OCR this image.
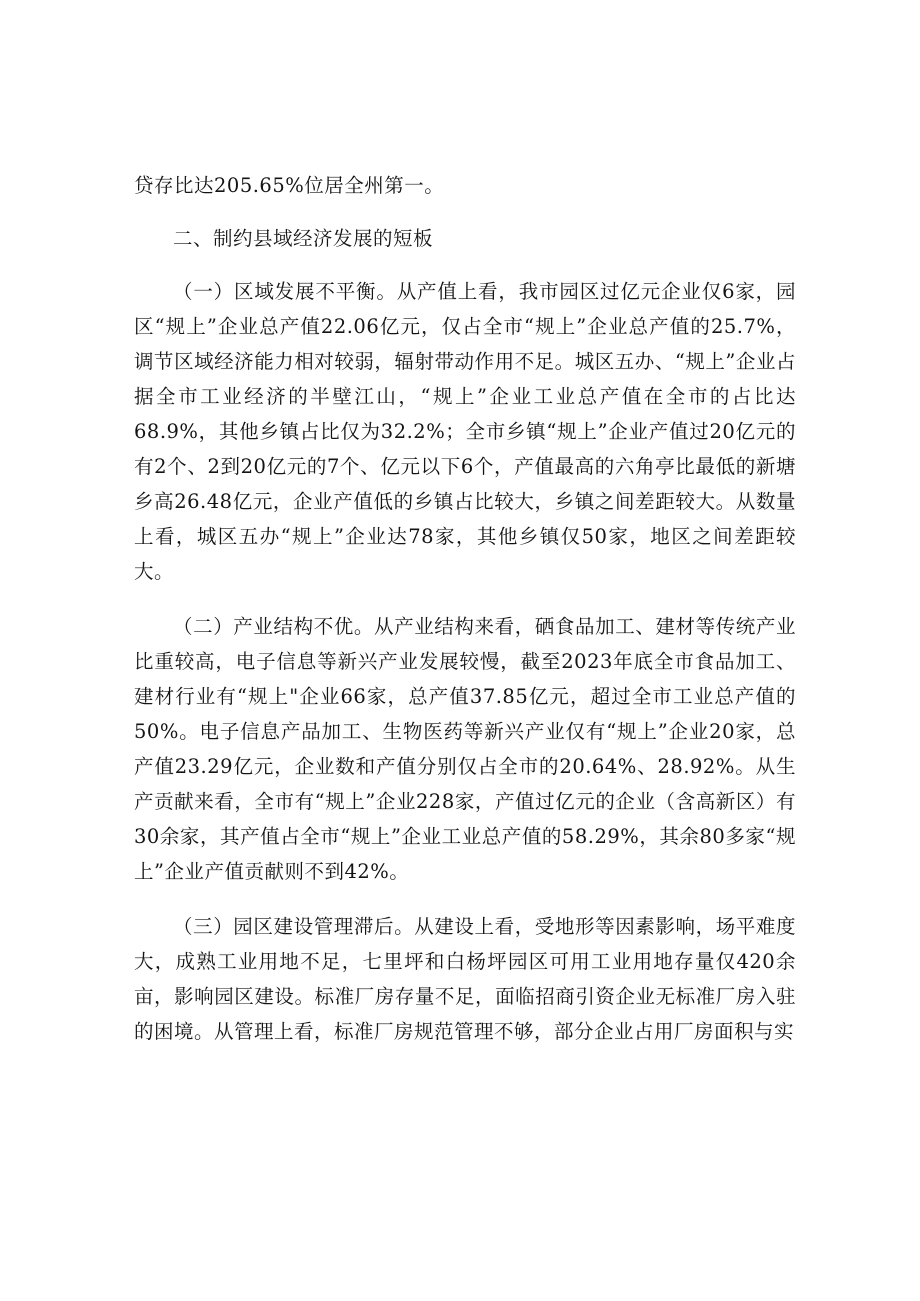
贷存比达205.65%位居全州第一。

二、制约县域经济发展的短板

（一）区域发展不平衡。从产值上看，我市园区过亿元企业仅6家，园区“规上”企业总产值22.06亿元，仅占全市“规上”企业总产值的25.7%，调节区域经济能力相对较弱，辐射带动作用不足。城区五办、“规上”企业占据全市工业经济的半壁江山，“规上”企业工业总产值在全市的占比达68.9%，其他乡镇占比仅为32.2%；全市乡镇“规上”企业产值过20亿元的有2个、2到20亿元的7个、亿元以下6个，产值最高的六角亭比最低的新塘乡高26.48亿元，企业产值低的乡镇占比较大，乡镇之间差距较大。从数量上看，城区五办“规上”企业达78家，其他乡镇仅50家，地区之间差距较大。

（二）产业结构不优。从产业结构来看，硒食品加工、建材等传统产业比重较高，电子信息等新兴产业发展较慢，截至2023年底全市食品加工、建材行业有“规上"企业66家，总产值37.85亿元，超过全市工业总产值的50%。电子信息产品加工、生物医药等新兴产业仅有“规上”企业20家，总产值23.29亿元，企业数和产值分别仅占全市的20.64%、28.92%。从生产贡献来看，全市有“规上”企业228家，产值过亿元的企业（含高新区）有30余家，其产值占全市“规上”企业工业总产值的58.29%，其余80多家“规上”企业产值贡献则不到42%。

（三）园区建设管理滞后。从建设上看，受地形等因素影响，场平难度大，成熟工业用地不足，七里坪和白杨坪园区可用工业用地存量仅420余亩，影响园区建设。标准厂房存量不足，面临招商引资企业无标准厂房入驻的困境。从管理上看，标准厂房规范管理不够，部分企业占用厂房面积与实
